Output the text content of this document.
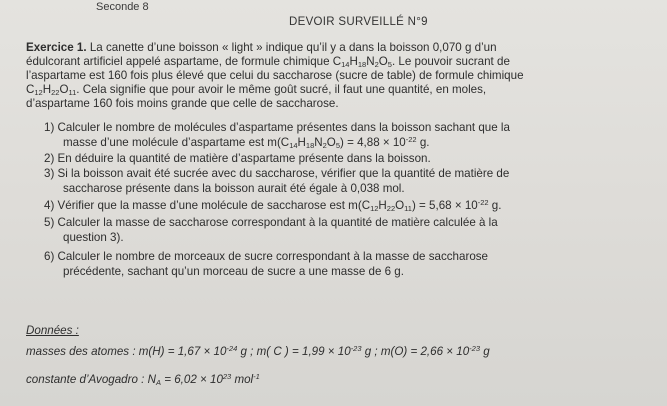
Seconde 8
DEVOIR SURVEILLÉ N°9
Exercice 1. La canette d’une boisson « light » indique qu’il y a dans la boisson 0,070 g d’un
édulcorant artificiel appelé aspartame, de formule chimique $C_{14}H_{18}N_2O_5$. Le pouvoir sucrant de
l’aspartame est 160 fois plus élevé que celui du saccharose (sucre de table) de formule chimique
$C_{12}H_{22}O_{11}$. Cela signifie que pour avoir le même goût sucré, il faut une quantité, en moles,
d’aspartame 160 fois moins grande que celle de saccharose.
1) Calculer le nombre de molécules d’aspartame présentes dans la boisson sachant que la
masse d’une molécule d’aspartame est $m(C_{14}H_{18}N_2O_5) = 4,88 \times 10^{-22}$ g.
2) En déduire la quantité de matière d’aspartame présente dans la boisson.
3) Si la boisson avait été sucrée avec du saccharose, vérifier que la quantité de matière de
saccharose présente dans la boisson aurait été égale à 0,038 mol.
4) Vérifier que la masse d’une molécule de saccharose est $m(C_{12}H_{22}O_{11}) = 5,68 \times 10^{-22}$ g.
5) Calculer la masse de saccharose correspondant à la quantité de matière calculée à la
question 3).
6) Calculer le nombre de morceaux de sucre correspondant à la masse de saccharose
précédente, sachant qu’un morceau de sucre a une masse de 6 g.
Données :
masses des atomes : $m(H) = 1,67 \times 10^{-24}$ g ; m( C ) = $1,99 \times 10^{-23}$ g ; $m(O) = 2,66 \times 10^{-23}$ g
constante d’Avogadro : $N_A = 6,02 \times 10^{23}$ mol$^{-1}$
